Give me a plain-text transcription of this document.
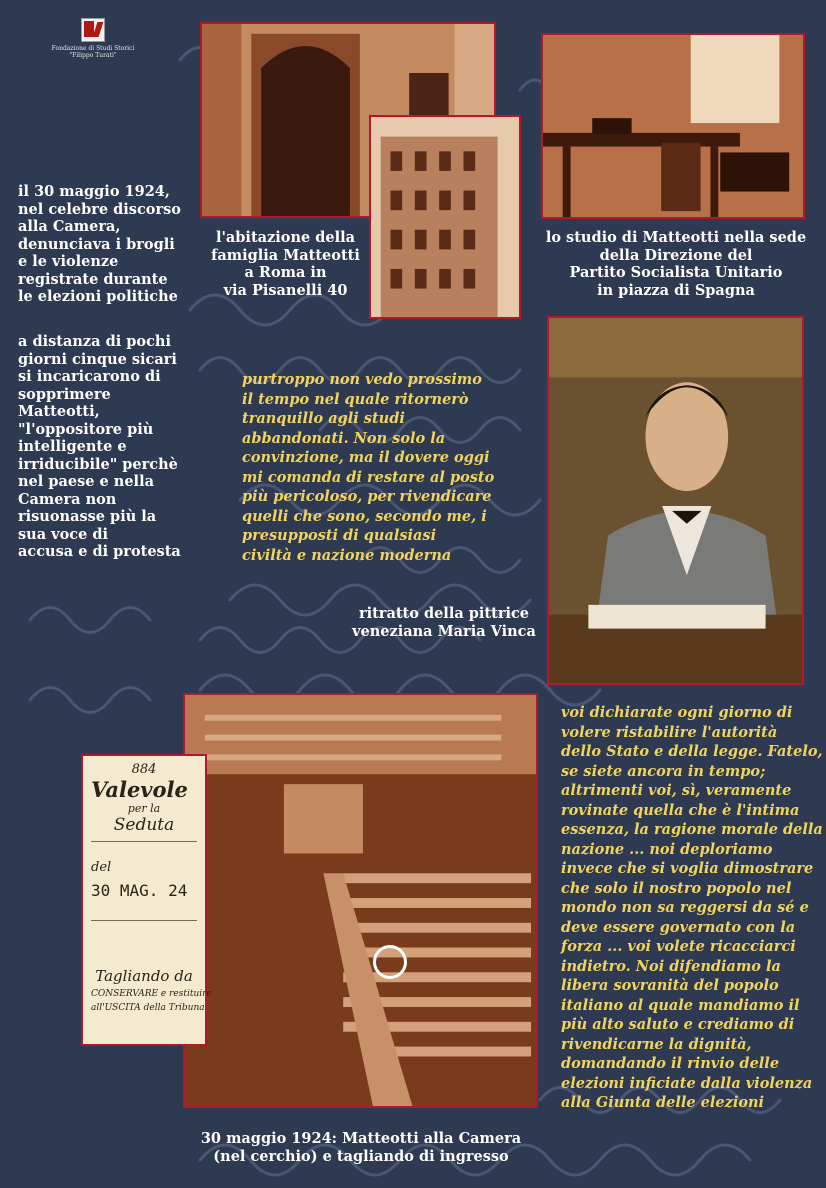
Fondazione di Studi Storici
"Filippo Turati"
884
Valevole
per la
Seduta
del
30 MAG. 24
Tagliando da
CONSERVARE e restituire
all'USCITA della Tribuna
il 30 maggio 1924,
nel celebre discorso
alla Camera,
denunciava i brogli
e le violenze
registrate durante
le elezioni politiche
a distanza di pochi
giorni cinque sicari
si incaricarono di
sopprimere
Matteotti,
"l'oppositore più
intelligente e
irriducibile" perchè
nel paese e nella
Camera non
risuonasse più la
sua voce di
accusa e di protesta
l'abitazione della
famiglia Matteotti
a Roma in
via Pisanelli 40
lo studio di Matteotti nella sede
della Direzione del
Partito Socialista Unitario
in piazza di Spagna
ritratto della pittrice
veneziana Maria Vinca
30 maggio 1924: Matteotti alla Camera
(nel cerchio) e tagliando di ingresso
purtroppo non vedo prossimo
il tempo nel quale ritornerò
tranquillo agli studi
abbandonati. Non solo la
convinzione, ma il dovere oggi
mi comanda di restare al posto
più pericoloso, per rivendicare
quelli che sono, secondo me, i
presupposti di qualsiasi
civiltà e nazione moderna
voi dichiarate ogni giorno di
volere ristabilire l'autorità
dello Stato e della legge. Fatelo,
se siete ancora in tempo;
altrimenti voi, sì, veramente
rovinate quella che è l'intima
essenza, la ragione morale della
nazione ... noi deploriamo
invece che si voglia dimostrare
che solo il nostro popolo nel
mondo non sa reggersi da sé e
deve essere governato con la
forza ... voi volete ricacciarci
indietro. Noi difendiamo la
libera sovranità del popolo
italiano al quale mandiamo il
più alto saluto e crediamo di
rivendicarne la dignità,
domandando il rinvio delle
elezioni inficiate dalla violenza
alla Giunta delle elezioni
